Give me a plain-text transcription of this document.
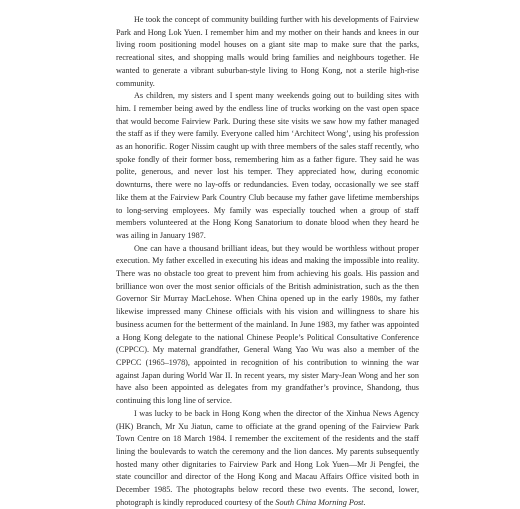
He took the concept of community building further with his developments of Fairview Park and Hong Lok Yuen. I remember him and my mother on their hands and knees in our living room positioning model houses on a giant site map to make sure that the parks, recreational sites, and shopping malls would bring families and neighbours together. He wanted to generate a vibrant suburban-style living to Hong Kong, not a sterile high-rise community.

As children, my sisters and I spent many weekends going out to building sites with him. I remember being awed by the endless line of trucks working on the vast open space that would become Fairview Park. During these site visits we saw how my father managed the staff as if they were family. Everyone called him ‘Architect Wong’, using his profession as an honorific. Roger Nissim caught up with three members of the sales staff recently, who spoke fondly of their former boss, remembering him as a father figure. They said he was polite, generous, and never lost his temper. They appreciated how, during economic downturns, there were no lay-offs or redundancies. Even today, occasionally we see staff like them at the Fairview Park Country Club because my father gave lifetime memberships to long-serving employees. My family was especially touched when a group of staff members volunteered at the Hong Kong Sanatorium to donate blood when they heard he was ailing in January 1987.

One can have a thousand brilliant ideas, but they would be worthless without proper execution. My father excelled in executing his ideas and making the impossible into reality. There was no obstacle too great to prevent him from achieving his goals. His passion and brilliance won over the most senior officials of the British administration, such as the then Governor Sir Murray MacLehose. When China opened up in the early 1980s, my father likewise impressed many Chinese officials with his vision and willingness to share his business acumen for the betterment of the mainland. In June 1983, my father was appointed a Hong Kong delegate to the national Chinese People’s Political Consultative Conference (CPPCC). My maternal grandfather, General Wang Yao Wu was also a member of the CPPCC (1965–1978), appointed in recognition of his contribution to winning the war against Japan during World War II. In recent years, my sister Mary-Jean Wong and her son have also been appointed as delegates from my grandfather’s province, Shandong, thus continuing this long line of service.

I was lucky to be back in Hong Kong when the director of the Xinhua News Agency (HK) Branch, Mr Xu Jiatun, came to officiate at the grand opening of the Fairview Park Town Centre on 18 March 1984. I remember the excitement of the residents and the staff lining the boulevards to watch the ceremony and the lion dances. My parents subsequently hosted many other dignitaries to Fairview Park and Hong Lok Yuen—Mr Ji Pengfei, the state councillor and director of the Hong Kong and Macau Affairs Office visited both in December 1985. The photographs below record these two events. The second, lower, photograph is kindly reproduced courtesy of the South China Morning Post.
